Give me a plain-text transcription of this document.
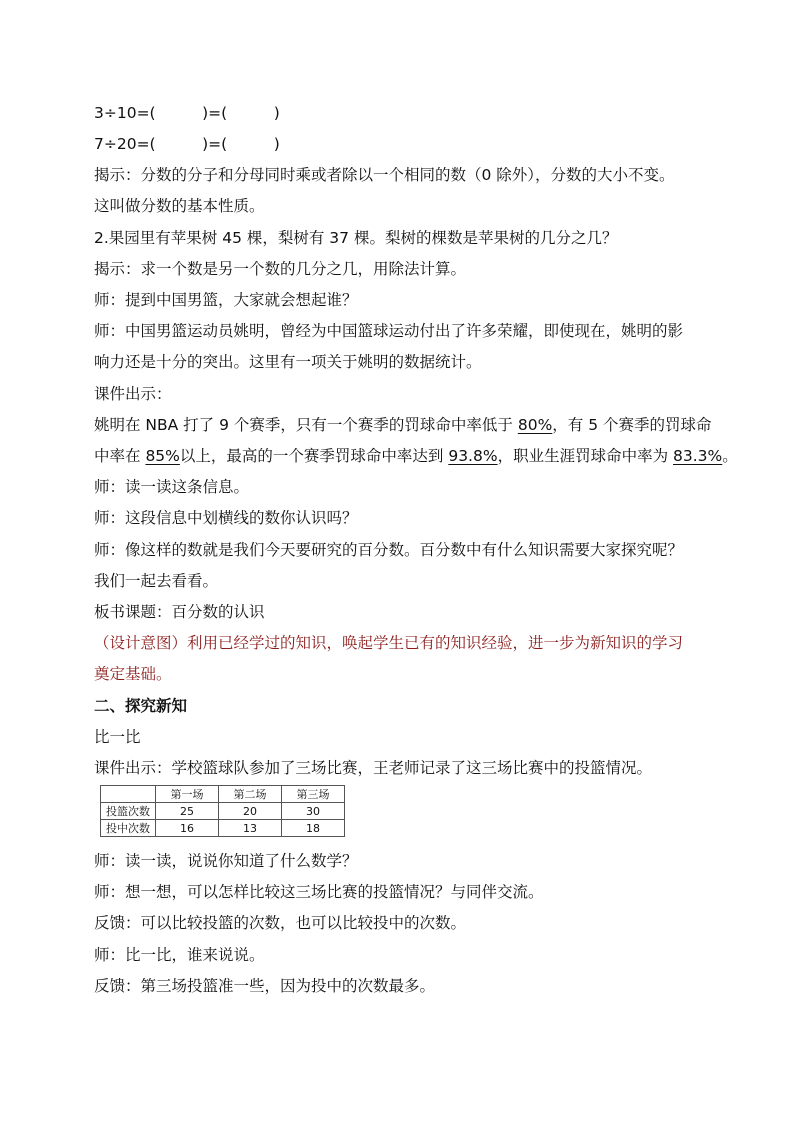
3÷10=(　　　)=(　　　)
7÷20=(　　　)=(　　　)
揭示：分数的分子和分母同时乘或者除以一个相同的数（0 除外），分数的大小不变。
这叫做分数的基本性质。
2.果园里有苹果树 45 棵，梨树有 37 棵。梨树的棵数是苹果树的几分之几？
揭示：求一个数是另一个数的几分之几，用除法计算。
师：提到中国男篮，大家就会想起谁？
师：中国男篮运动员姚明，曾经为中国篮球运动付出了许多荣耀，即使现在，姚明的影
响力还是十分的突出。这里有一项关于姚明的数据统计。
课件出示：
姚明在 NBA 打了 9 个赛季，只有一个赛季的罚球命中率低于 80%，有 5 个赛季的罚球命
中率在 85%以上，最高的一个赛季罚球命中率达到 93.8%，职业生涯罚球命中率为 83.3%。
师：读一读这条信息。
师：这段信息中划横线的数你认识吗？
师：像这样的数就是我们今天要研究的百分数。百分数中有什么知识需要大家探究呢？
我们一起去看看。
板书课题：百分数的认识
（设计意图）利用已经学过的知识，唤起学生已有的知识经验，进一步为新知识的学习
奠定基础。
二、探究新知
比一比
课件出示：学校篮球队参加了三场比赛，王老师记录了这三场比赛中的投篮情况。
	第一场	第二场	第三场
投篮次数	25	20	30
投中次数	16	13	18
师：读一读，说说你知道了什么数学？
师：想一想，可以怎样比较这三场比赛的投篮情况？与同伴交流。
反馈：可以比较投篮的次数，也可以比较投中的次数。
师：比一比，谁来说说。
反馈：第三场投篮准一些，因为投中的次数最多。
